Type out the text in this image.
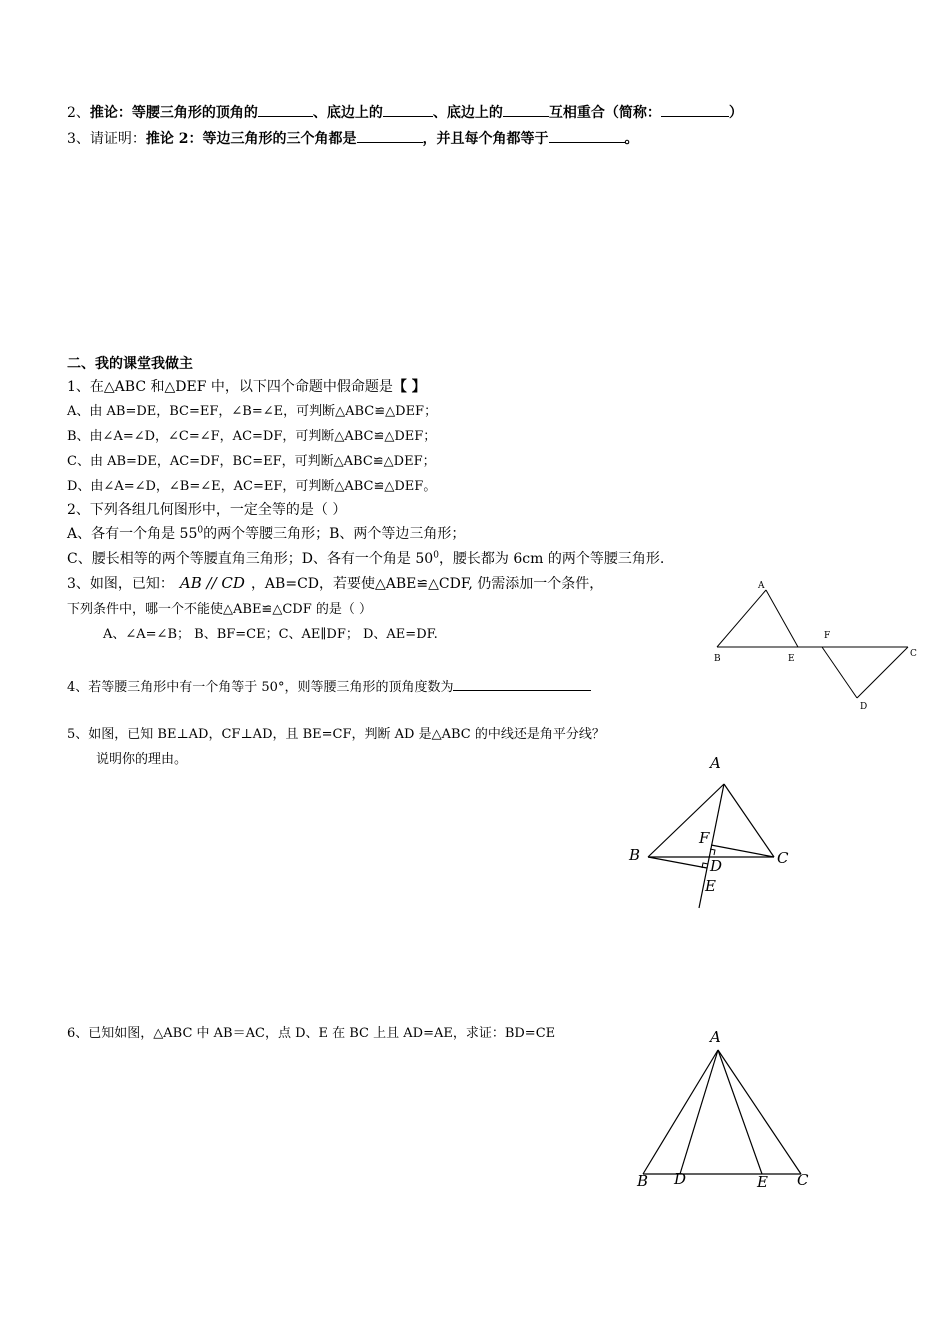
2、推论：等腰三角形的顶角的	、底边上的	、底边上的	互相重合（简称：	）
3、请证明：推论 2：等边三角形的三个角都是	，并且每个角都等于	。
二、我的课堂我做主
1、在△ABC 和△DEF 中，以下四个命题中假命题是【 】
A、由 AB=DE，BC=EF，∠B=∠E，可判断△ABC≌△DEF；
B、由∠A=∠D，∠C=∠F，AC=DF，可判断△ABC≌△DEF；
C、由 AB=DE，AC=DF，BC=EF，可判断△ABC≌△DEF；
D、由∠A=∠D，∠B=∠E，AC=EF，可判断△ABC≌△DEF。
2、下列各组几何图形中，一定全等的是（ ）
A、各有一个角是 $55^0$的两个等腰三角形；B、两个等边三角形；
C、腰长相等的两个等腰直角三角形；D、各有一个角是 $50^0$，腰长都为 6cm 的两个等腰三角形.
3、如图，已知： AB // CD ，AB=CD，若要使△ABE≌△CDF, 仍需添加一个条件，
下列条件中，哪一个不能使△ABE≌△CDF 的是（ ）
A、∠A=∠B； B、BF=CE；C、AE∥DF； D、AE=DF.
A
B	E
F
C
D
4、若等腰三角形中有一个角等于 50°，则等腰三角形的顶角度数为
5、如图，已知 BE⊥AD，CF⊥AD，且 BE=CF，判断 AD 是△ABC 的中线还是角平分线？
说明你的理由。	A
B	C
F
D
E
6、已知如图，△ABC 中 AB＝AC，点 D、E 在 BC 上且 AD=AE，求证：BD=CE	A
B D	E C
